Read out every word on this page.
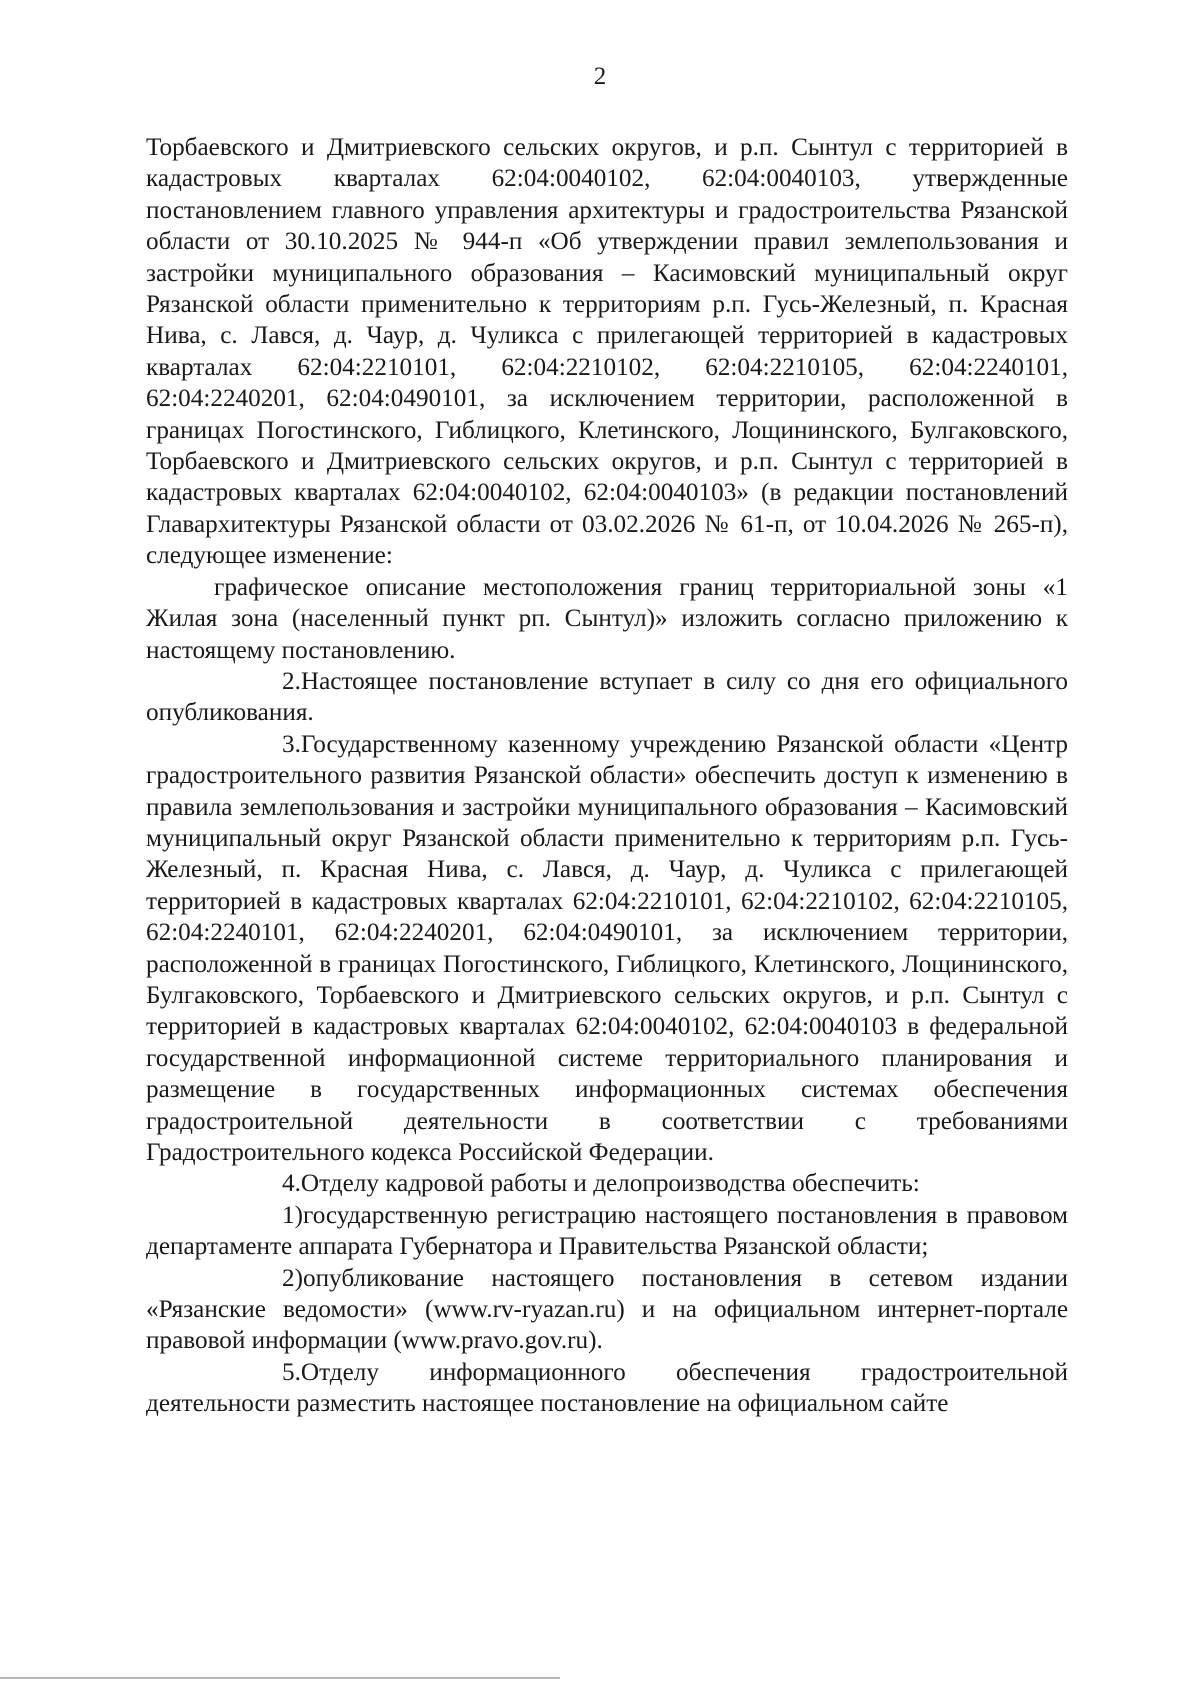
2

Торбаевского и Дмитриевского сельских округов, и р.п. Сынтул с территорией в кадастровых кварталах 62:04:0040102, 62:04:0040103, утвержденные постановлением главного управления архитектуры и градостроительства Рязанской области от 30.10.2025 № 944-п «Об утверждении правил землепользования и застройки муниципального образования – Касимовский муниципальный округ Рязанской области применительно к территориям р.п. Гусь-Железный, п. Красная Нива, с. Лався, д. Чаур, д. Чуликса с прилегающей территорией в кадастровых кварталах 62:04:2210101, 62:04:2210102, 62:04:2210105, 62:04:2240101, 62:04:2240201, 62:04:0490101, за исключением территории, расположенной в границах Погостинского, Гиблицкого, Клетинского, Лощининского, Булгаковского, Торбаевского и Дмитриевского сельских округов, и р.п. Сынтул с территорией в кадастровых кварталах 62:04:0040102, 62:04:0040103» (в редакции постановлений Главархитектуры Рязанской области от 03.02.2026 № 61-п, от 10.04.2026 № 265-п), следующее изменение:

графическое описание местоположения границ территориальной зоны «1 Жилая зона (населенный пункт рп. Сынтул)» изложить согласно приложению к настоящему постановлению.

2.Настоящее постановление вступает в силу со дня его официального опубликования.

3.Государственному казенному учреждению Рязанской области «Центр градостроительного развития Рязанской области» обеспечить доступ к изменению в правила землепользования и застройки муниципального образования – Касимовский муниципальный округ Рязанской области применительно к территориям р.п. Гусь-Железный, п. Красная Нива, с. Лався, д. Чаур, д. Чуликса с прилегающей территорией в кадастровых кварталах 62:04:2210101, 62:04:2210102, 62:04:2210105, 62:04:2240101, 62:04:2240201, 62:04:0490101, за исключением территории, расположенной в границах Погостинского, Гиблицкого, Клетинского, Лощининского, Булгаковского, Торбаевского и Дмитриевского сельских округов, и р.п. Сынтул с территорией в кадастровых кварталах 62:04:0040102, 62:04:0040103 в федеральной государственной информационной системе территориального планирования и размещение в государственных информационных системах обеспечения градостроительной деятельности в соответствии с требованиями Градостроительного кодекса Российской Федерации.

4.Отделу кадровой работы и делопроизводства обеспечить:

1)государственную регистрацию настоящего постановления в правовом департаменте аппарата Губернатора и Правительства Рязанской области;

2)опубликование настоящего постановления в сетевом издании «Рязанские ведомости» (www.rv-ryazan.ru) и на официальном интернет-портале правовой информации (www.pravo.gov.ru).

5.Отделу информационного обеспечения градостроительной деятельности разместить настоящее постановление на официальном сайте
